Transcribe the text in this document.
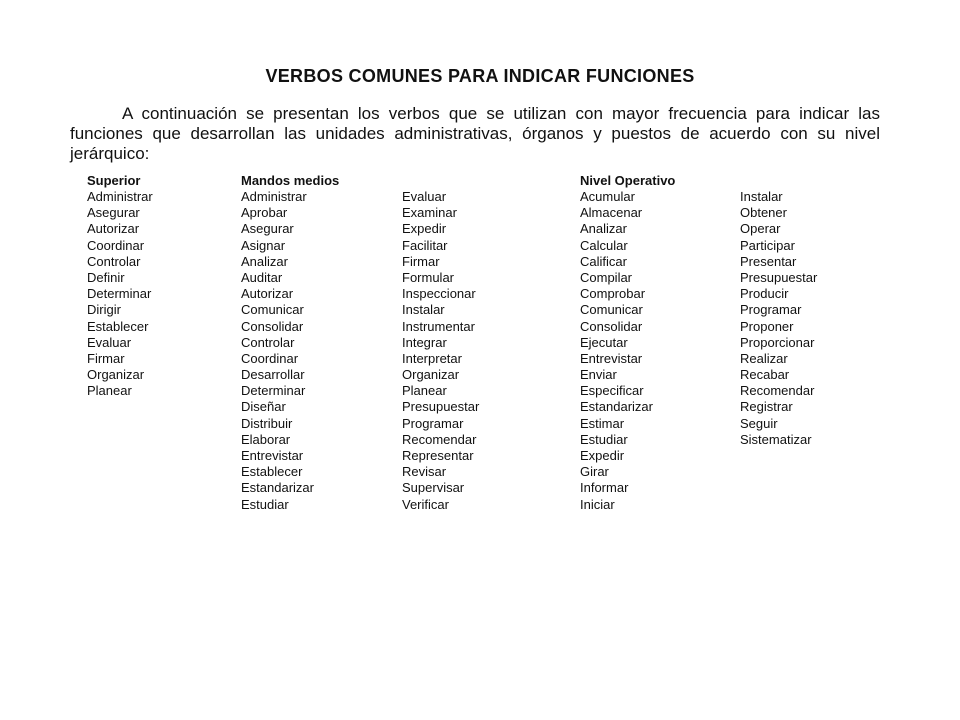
VERBOS COMUNES PARA INDICAR FUNCIONES
A continuación se presentan los verbos que se utilizan con mayor frecuencia para indicar las funciones que desarrollan las unidades administrativas, órganos y puestos de acuerdo con su nivel jerárquico:
Superior
Administrar
Asegurar
Autorizar
Coordinar
Controlar
Definir
Determinar
Dirigir
Establecer
Evaluar
Firmar
Organizar
Planear
Mandos medios
Administrar
Aprobar
Asegurar
Asignar
Analizar
Auditar
Autorizar
Comunicar
Consolidar
Controlar
Coordinar
Desarrollar
Determinar
Diseñar
Distribuir
Elaborar
Entrevistar
Establecer
Estandarizar
Estudiar
Evaluar
Examinar
Expedir
Facilitar
Firmar
Formular
Inspeccionar
Instalar
Instrumentar
Integrar
Interpretar
Organizar
Planear
Presupuestar
Programar
Recomendar
Representar
Revisar
Supervisar
Verificar
Nivel Operativo
Acumular
Almacenar
Analizar
Calcular
Calificar
Compilar
Comprobar
Comunicar
Consolidar
Ejecutar
Entrevistar
Enviar
Especificar
Estandarizar
Estimar
Estudiar
Expedir
Girar
Informar
Iniciar
Instalar
Obtener
Operar
Participar
Presentar
Presupuestar
Producir
Programar
Proponer
Proporcionar
Realizar
Recabar
Recomendar
Registrar
Seguir
Sistematizar
